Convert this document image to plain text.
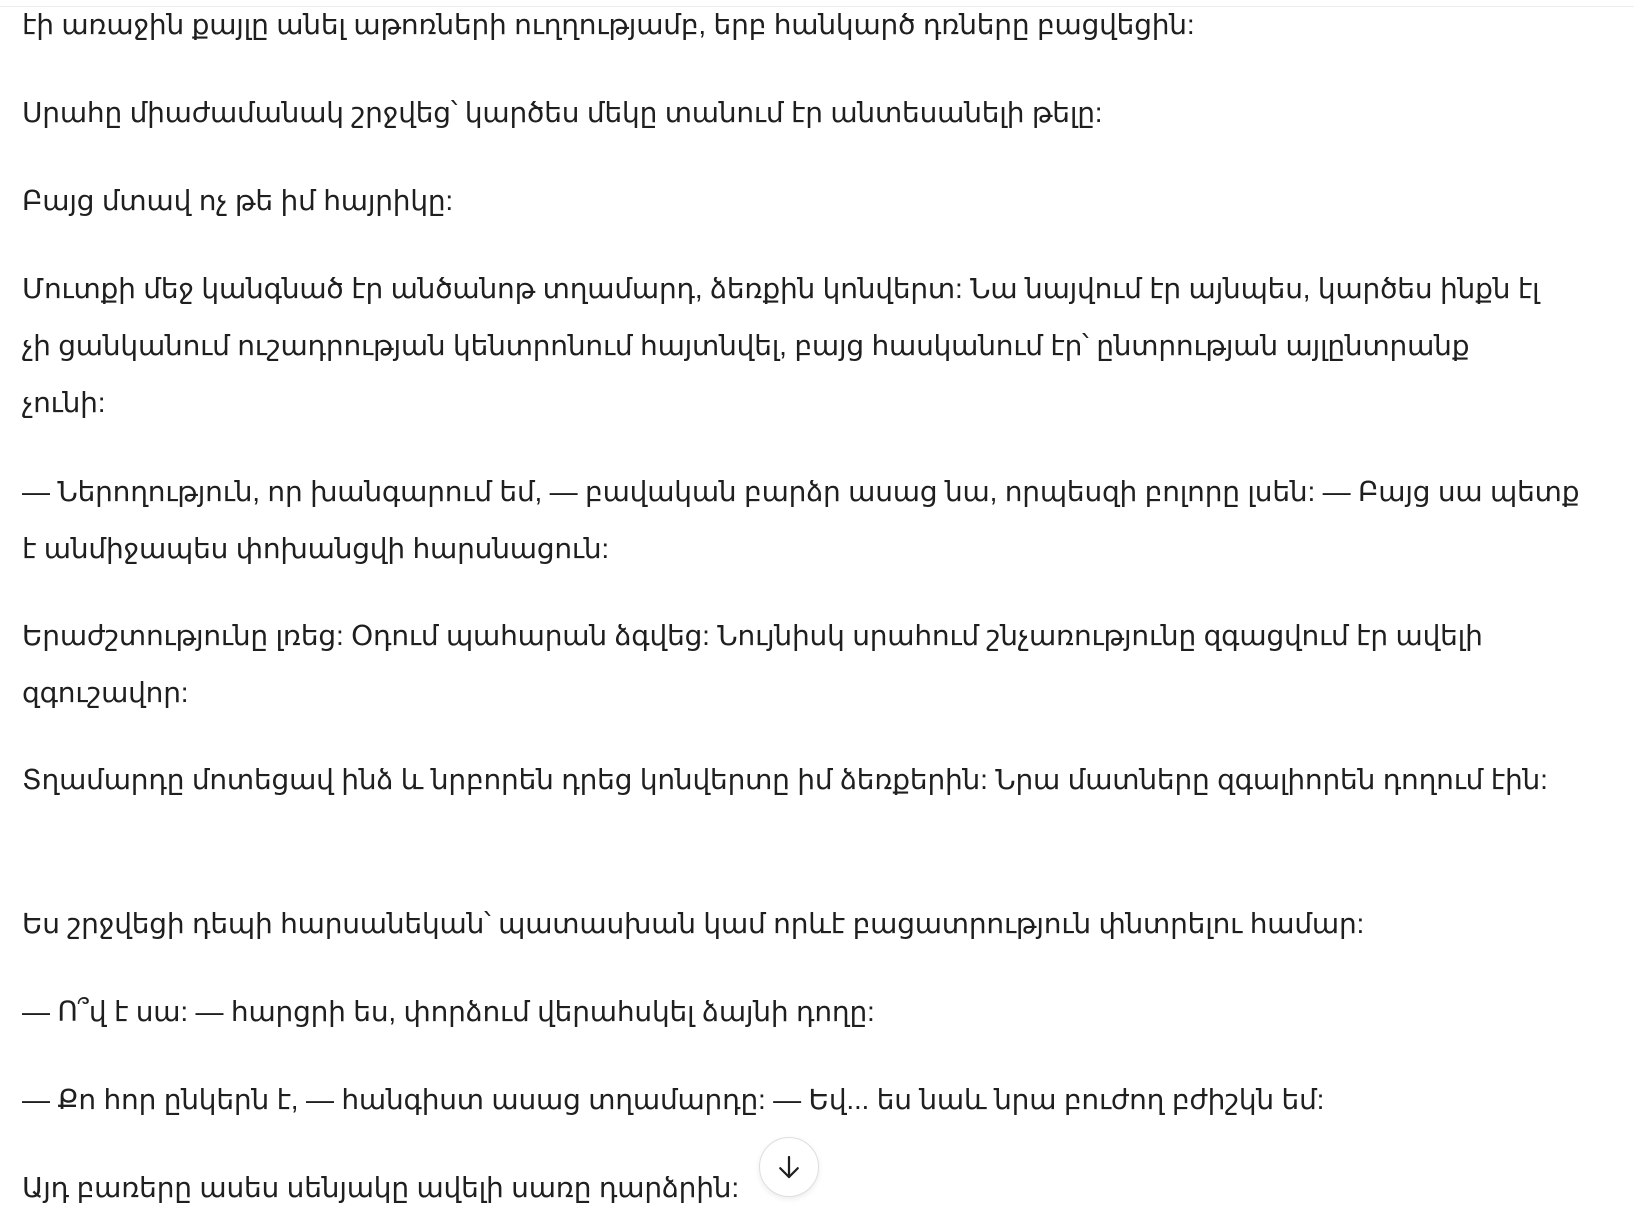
էի առաջին քայլը անել աթոռների ուղղությամբ, երբ հանկարծ դռները բացվեցին:

Սրահը միաժամանակ շրջվեց՝ կարծես մեկը տանում էր անտեսանելի թելը:

Բայց մտավ ոչ թե իմ հայրիկը:

Մուտքի մեջ կանգնած էր անծանոթ տղամարդ, ձեռքին կոնվերտ: Նա նայվում էր այնպես, կարծես ինքն էլ չի ցանկանում ուշադրության կենտրոնում հայտնվել, բայց հասկանում էր՝ ընտրության այլընտրանք չունի:

— Ներողություն, որ խանգարում եմ, — բավական բարձր ասաց նա, որպեսզի բոլորը լսեն: — Բայց սա պետք է անմիջապես փոխանցվի հարսնացուն:

Երաժշտությունը լռեց: Օդում պահարան ձգվեց: Նույնիսկ սրահում շնչառությունը զգացվում էր ավելի զգուշավոր:

Տղամարդը մոտեցավ ինձ և նրբորեն դրեց կոնվերտը իմ ձեռքերին: Նրա մատները զգալիորեն դողում էին:

Ես շրջվեցի դեպի հարսանեկան՝ պատասխան կամ որևէ բացատրություն փնտրելու համար:

— Ո՞վ է սա: — հարցրի ես, փորձում վերահսկել ձայնի դողը:

— Քո հոր ընկերն է, — հանգիստ ասաց տղամարդը: — Եվ... ես նաև նրա բուժող բժիշկն եմ:

Այդ բառերը ասես սենյակը ավելի սառը դարձրին:
